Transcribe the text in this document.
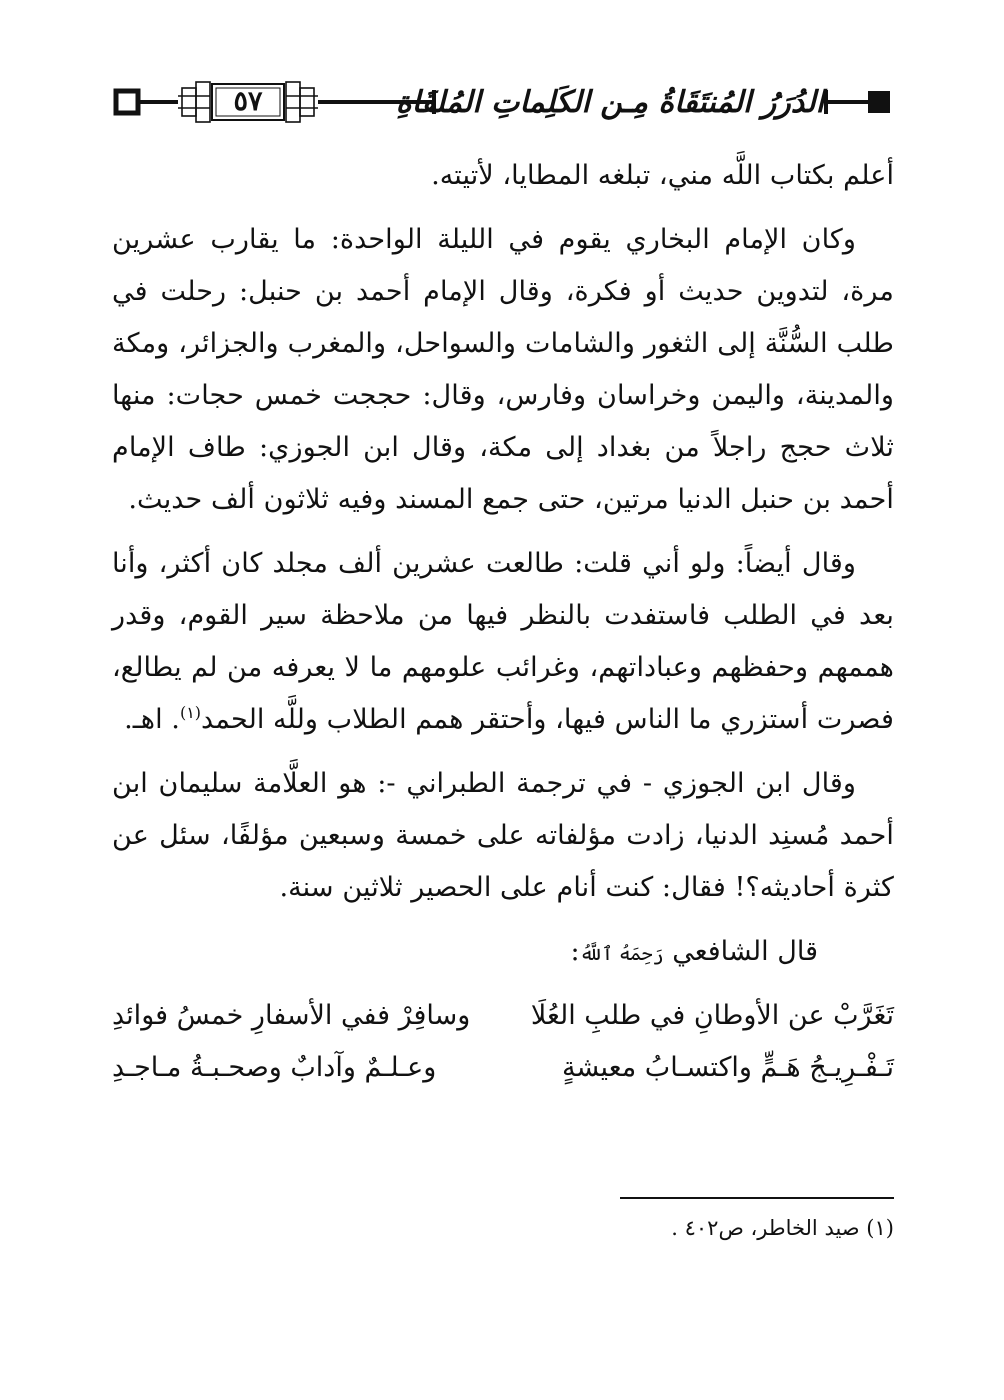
٥٧	الدُرَرُ المُنتَقَاةُ مِـن الكَلِماتِ المُلقَاةِ

أعلم بكتاب اللَّه مني، تبلغه المطايا، لأتيته.

وكان الإمام البخاري يقوم في الليلة الواحدة: ما يقارب عشرين مرة، لتدوين حديث أو فكرة، وقال الإمام أحمد بن حنبل: رحلت في طلب السُّنَّة إلى الثغور والشامات والسواحل، والمغرب والجزائر، ومكة والمدينة، واليمن وخراسان وفارس، وقال: حججت خمس حجات: منها ثلاث حجج راجلاً من بغداد إلى مكة، وقال ابن الجوزي: طاف الإمام أحمد بن حنبل الدنيا مرتين، حتى جمع المسند وفيه ثلاثون ألف حديث.

وقال أيضاً: ولو أني قلت: طالعت عشرين ألف مجلد كان أكثر، وأنا بعد في الطلب فاستفدت بالنظر فيها من ملاحظة سير القوم، وقدر هممهم وحفظهم وعباداتهم، وغرائب علومهم ما لا يعرفه من لم يطالع، فصرت أستزري ما الناس فيها، وأحتقر همم الطلاب وللَّه الحمد$^{(١)}$. اهـ.

وقال ابن الجوزي - في ترجمة الطبراني -: هو العلَّامة سليمان ابن أحمد مُسنِد الدنيا، زادت مؤلفاته على خمسة وسبعين مؤلفًا، سئل عن كثرة أحاديثه؟! فقال: كنت أنام على الحصير ثلاثين سنة.

قال الشافعي رَحِمَهُ ٱللَّهُ:
تَغَرَّبْ عن الأوطانِ في طلبِ العُلَا
وسافِرْ ففي الأسفارِ خمسُ فوائدِ
تَـفْـرِيـجُ هَـمٍّ واكتسـابُ معيشةٍ
وعـلـمٌ وآدابٌ وصحـبـةُ مـاجـدِ
(١) صيد الخاطر، ص٤٠٢ .
